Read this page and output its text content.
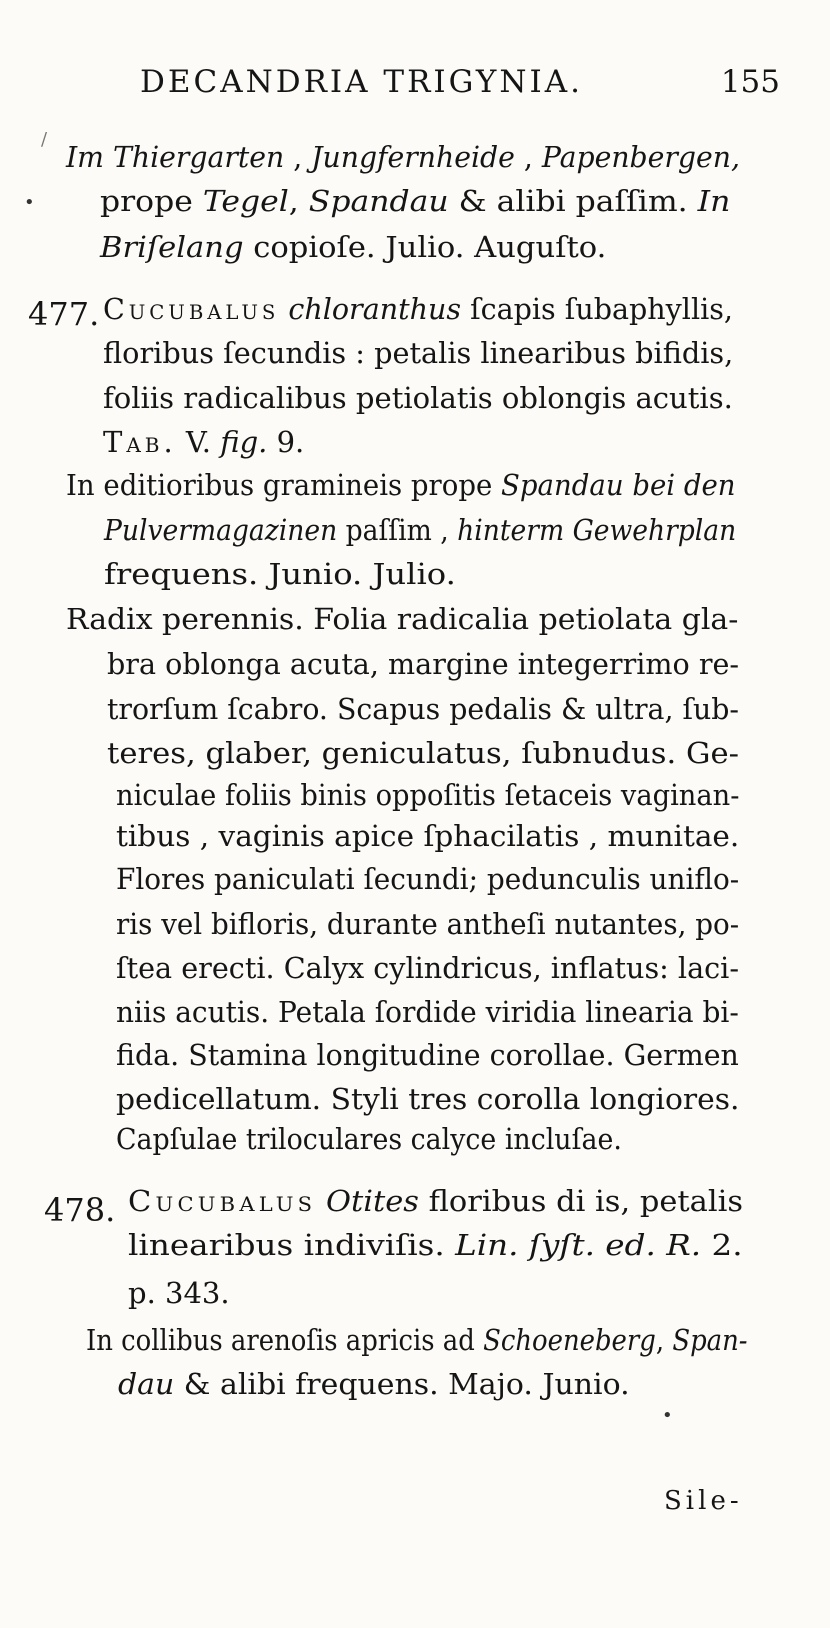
DECANDRIA TRIGYNIA.	155
Im Thiergarten , Jungfernheide , Papenbergen,
prope Tegel, Spandau & alibi paſſim. In
Briſelang copioſe. Julio. Auguſto.
477. Cucubalus chloranthus ſcapis ſubaphyllis,
floribus ſecundis : petalis linearibus bifidis,
foliis radicalibus petiolatis oblongis acutis.
Tab. V. fig. 9.
In editioribus gramineis prope Spandau bei den
Pulvermagazinen paſſim , hinterm Gewehrplan
frequens. Junio. Julio.
Radix perennis. Folia radicalia petiolata gla-
bra oblonga acuta, margine integerrimo re-
trorſum ſcabro. Scapus pedalis & ultra, ſub-
teres, glaber, geniculatus, ſubnudus. Ge-
niculae foliis binis oppoſitis ſetaceis vaginan-
tibus , vaginis apice ſphacilatis , munitae.
Flores paniculati ſecundi; pedunculis uniflo-
ris vel bifloris, durante antheſi nutantes, po-
ſtea erecti. Calyx cylindricus, inflatus: laci-
niis acutis. Petala ſordide viridia linearia bi-
fida. Stamina longitudine corollae. Germen
pedicellatum. Styli tres corolla longiores.
Capſulae triloculares calyce incluſae.
478. Cucubalus Otites floribus di is, petalis
linearibus indiviſis. Lin. ſyſt. ed. R. 2.
p. 343.
In collibus arenoſis apricis ad Schoeneberg, Span-
dau & alibi frequens. Majo. Junio.
Sile-
/
•
•
